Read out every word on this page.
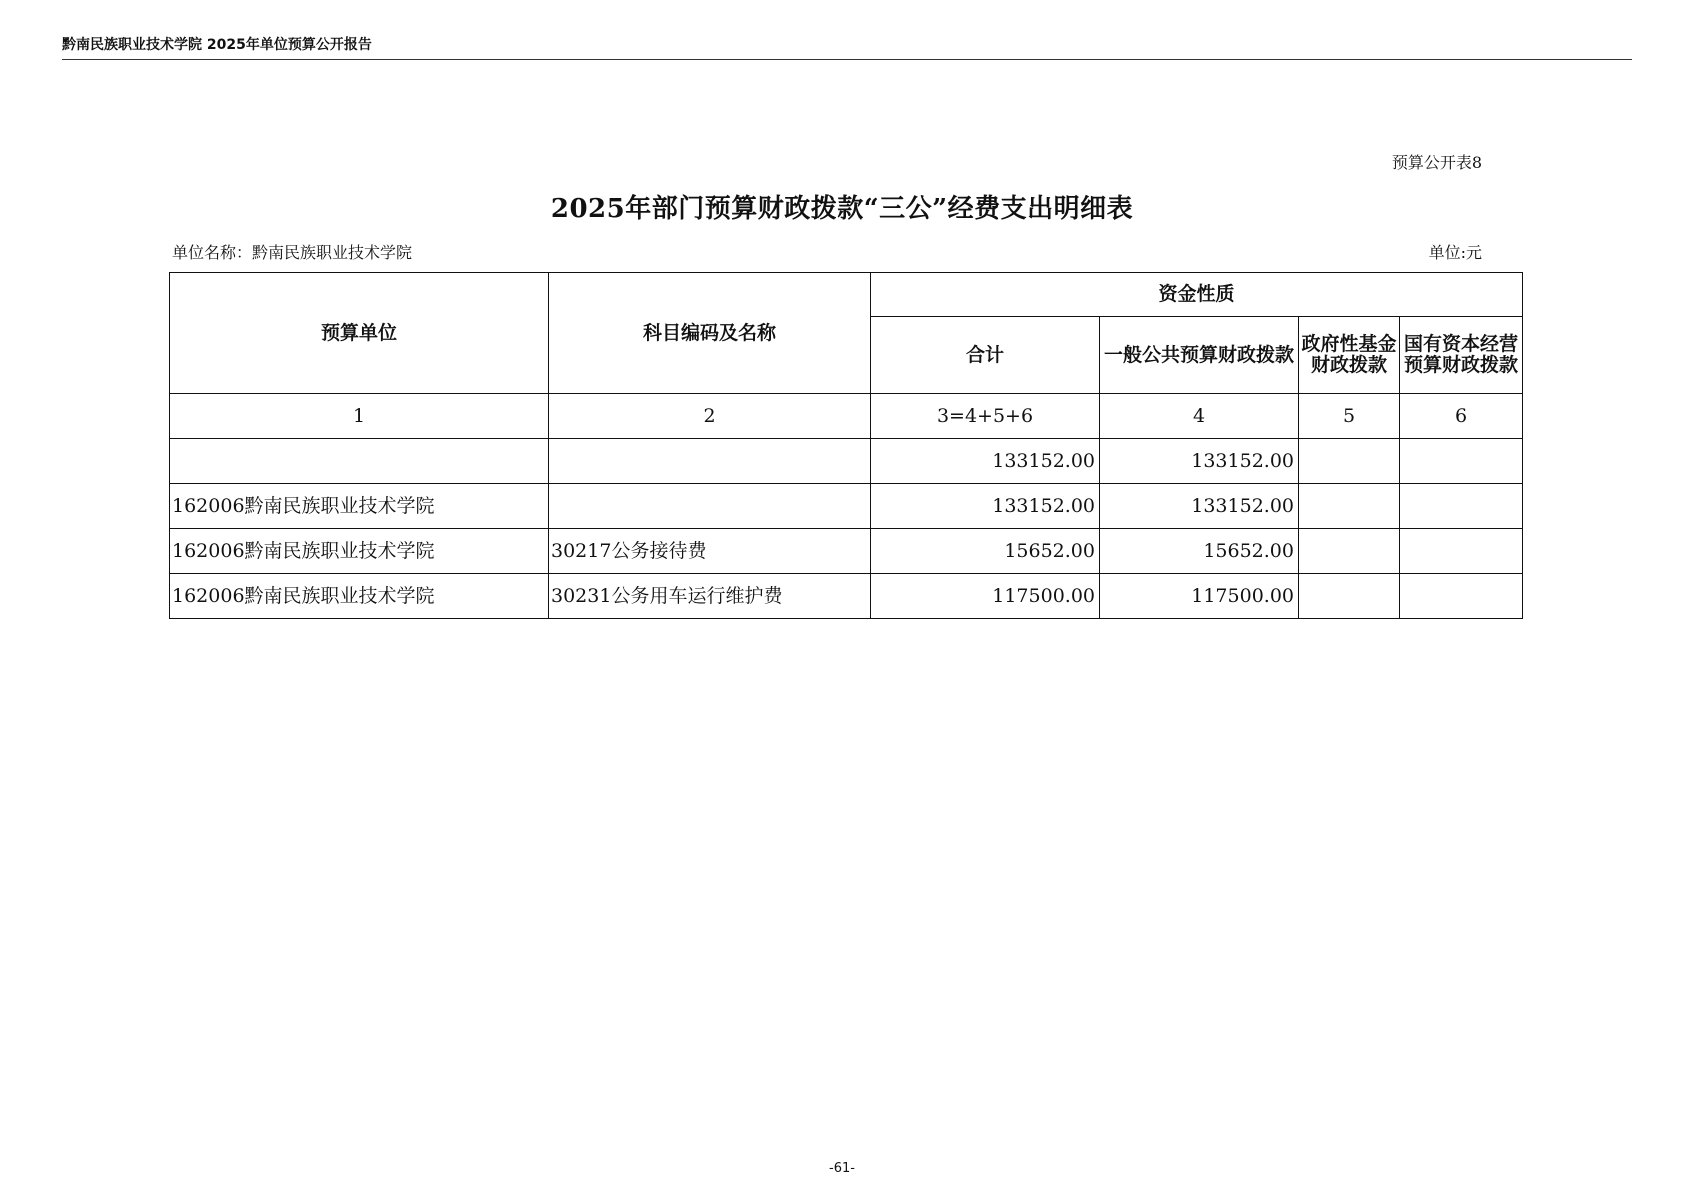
黔南民族职业技术学院 2025年单位预算公开报告
预算公开表8
2025年部门预算财政拨款“三公”经费支出明细表
单位名称：黔南民族职业技术学院	单位:元
预算单位	科目编码及名称	资金性质			
		合计	一般公共预算财政拨款	政府性基金财政拨款	国有资本经营预算财政拨款
1	2	3=4+5+6	4	5	6
		133152.00	133152.00		
162006黔南民族职业技术学院		133152.00	133152.00		
162006黔南民族职业技术学院	30217公务接待费	15652.00	15652.00		
162006黔南民族职业技术学院	30231公务用车运行维护费	117500.00	117500.00		
-61-
